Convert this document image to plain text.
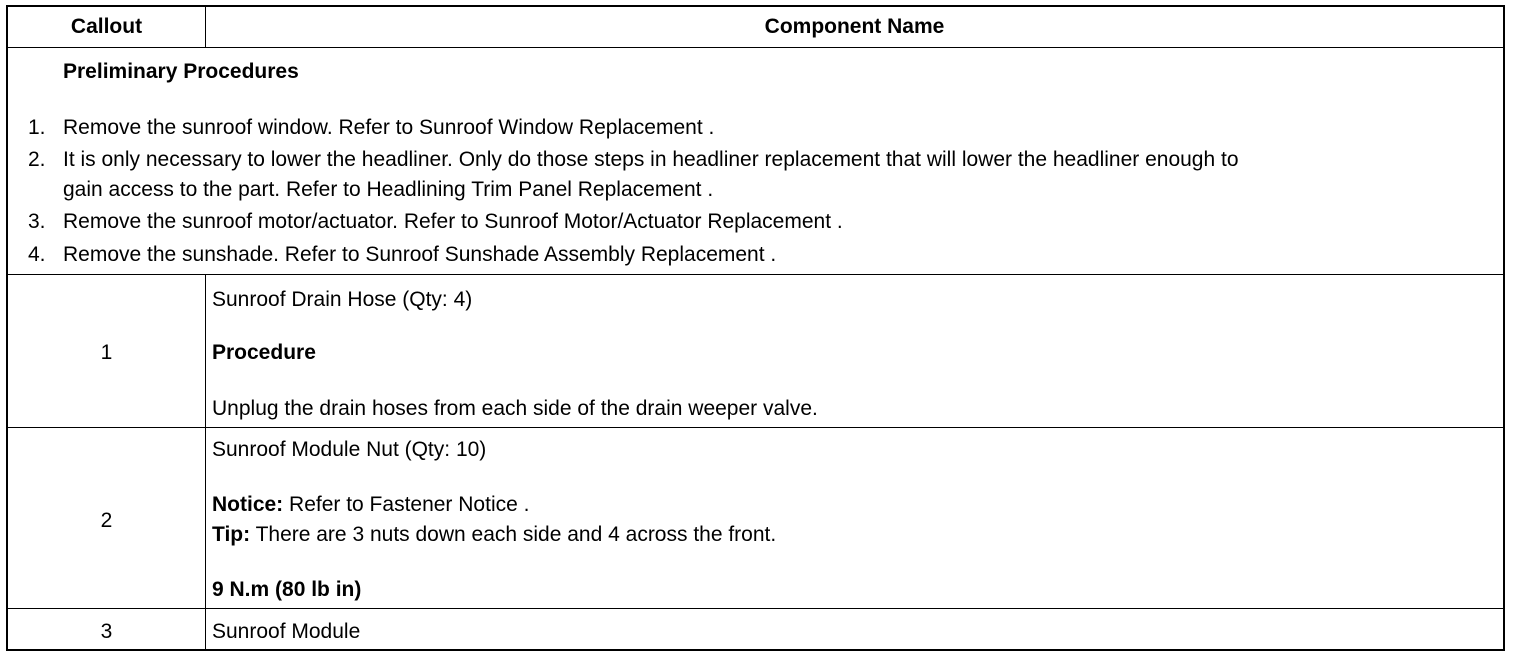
Callout	Component Name
Preliminary Procedures
1. Remove the sunroof window. Refer to Sunroof Window Replacement .
2. It is only necessary to lower the headliner. Only do those steps in headliner replacement that will lower the headliner enough to
gain access to the part. Refer to Headlining Trim Panel Replacement .
3. Remove the sunroof motor/actuator. Refer to Sunroof Motor/Actuator Replacement .
4. Remove the sunshade. Refer to Sunroof Sunshade Assembly Replacement .
1
Sunroof Drain Hose (Qty: 4)
Procedure
Unplug the drain hoses from each side of the drain weeper valve.
2
Sunroof Module Nut (Qty: 10)
Notice: Refer to Fastener Notice .
Tip: There are 3 nuts down each side and 4 across the front.
9 N.m (80 lb in)
3	Sunroof Module
